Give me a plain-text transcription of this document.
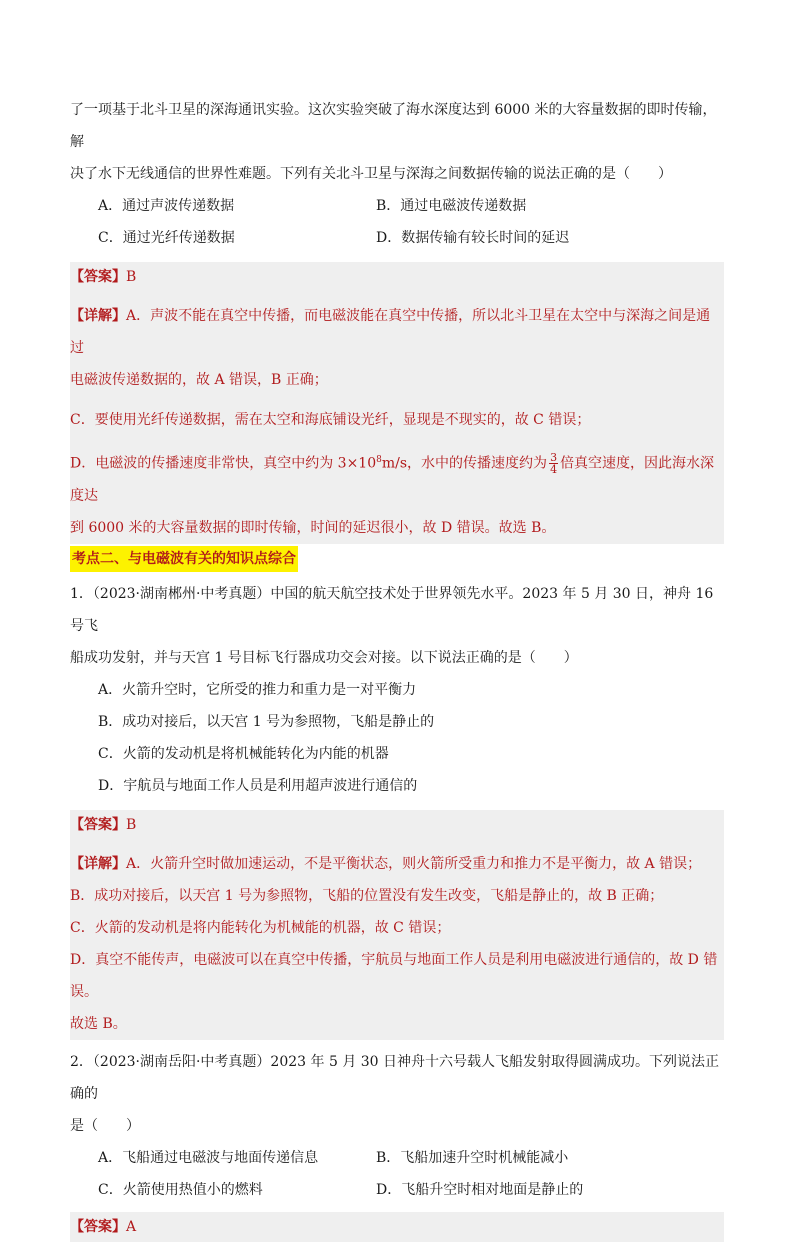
了一项基于北斗卫星的深海通讯实验。这次实验突破了海水深度达到 6000 米的大容量数据的即时传输，解
决了水下无线通信的世界性难题。下列有关北斗卫星与深海之间数据传输的说法正确的是（　　）
A．通过声波传递数据	B．通过电磁波传递数据
C．通过光纤传递数据	D．数据传输有较长时间的延迟
【答案】B
【详解】A．声波不能在真空中传播，而电磁波能在真空中传播，所以北斗卫星在太空中与深海之间是通过
电磁波传递数据的，故 A 错误，B 正确；
C．要使用光纤传递数据，需在太空和海底铺设光纤，显现是不现实的，故 C 错误；
D．电磁波的传播速度非常快，真空中约为 $3\times 10^8m/s$，水中的传播速度约为 $\frac{3}{4}$ 倍真空速度，因此海水深度达
到 6000 米的大容量数据的即时传输，时间的延迟很小，故 D 错误。故选 B。
考点二、与电磁波有关的知识点综合
1．（2023·湖南郴州·中考真题）中国的航天航空技术处于世界领先水平。2023 年 5 月 30 日，神舟 16 号飞
船成功发射，并与天宫 1 号目标飞行器成功交会对接。以下说法正确的是（　　）
A．火箭升空时，它所受的推力和重力是一对平衡力
B．成功对接后，以天宫 1 号为参照物，飞船是静止的
C．火箭的发动机是将机械能转化为内能的机器
D．宇航员与地面工作人员是利用超声波进行通信的
【答案】B
【详解】A．火箭升空时做加速运动，不是平衡状态，则火箭所受重力和推力不是平衡力，故 A 错误；
B．成功对接后，以天宫 1 号为参照物，飞船的位置没有发生改变，飞船是静止的，故 B 正确；
C．火箭的发动机是将内能转化为机械能的机器，故 C 错误；
D．真空不能传声，电磁波可以在真空中传播，宇航员与地面工作人员是利用电磁波进行通信的，故 D 错
误。
故选 B。
2．（2023·湖南岳阳·中考真题）2023 年 5 月 30 日神舟十六号载人飞船发射取得圆满成功。下列说法正确的
是（　　）
A．飞船通过电磁波与地面传递信息	B．飞船加速升空时机械能减小
C．火箭使用热值小的燃料	D．飞船升空时相对地面是静止的
【答案】A
